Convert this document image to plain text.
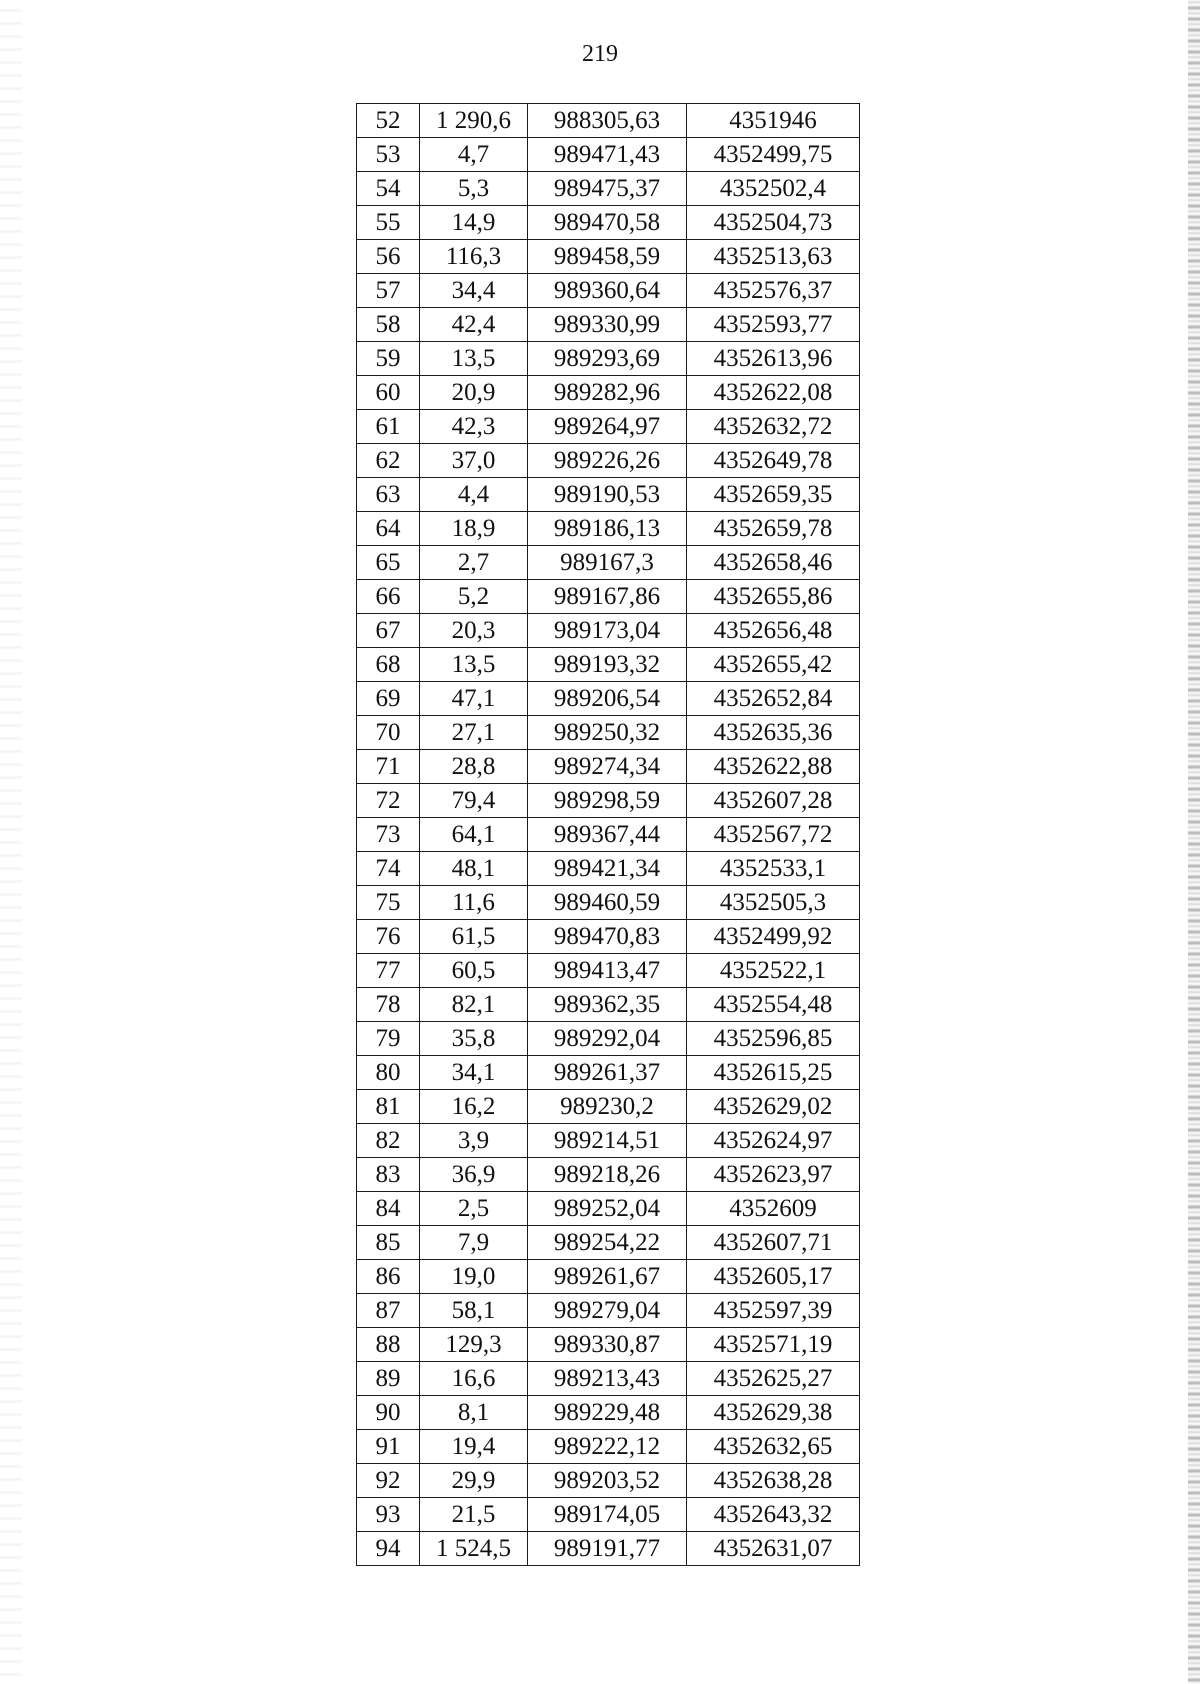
219
52	1 290,6	988305,63	4351946
53	4,7	989471,43	4352499,75
54	5,3	989475,37	4352502,4
55	14,9	989470,58	4352504,73
56	116,3	989458,59	4352513,63
57	34,4	989360,64	4352576,37
58	42,4	989330,99	4352593,77
59	13,5	989293,69	4352613,96
60	20,9	989282,96	4352622,08
61	42,3	989264,97	4352632,72
62	37,0	989226,26	4352649,78
63	4,4	989190,53	4352659,35
64	18,9	989186,13	4352659,78
65	2,7	989167,3	4352658,46
66	5,2	989167,86	4352655,86
67	20,3	989173,04	4352656,48
68	13,5	989193,32	4352655,42
69	47,1	989206,54	4352652,84
70	27,1	989250,32	4352635,36
71	28,8	989274,34	4352622,88
72	79,4	989298,59	4352607,28
73	64,1	989367,44	4352567,72
74	48,1	989421,34	4352533,1
75	11,6	989460,59	4352505,3
76	61,5	989470,83	4352499,92
77	60,5	989413,47	4352522,1
78	82,1	989362,35	4352554,48
79	35,8	989292,04	4352596,85
80	34,1	989261,37	4352615,25
81	16,2	989230,2	4352629,02
82	3,9	989214,51	4352624,97
83	36,9	989218,26	4352623,97
84	2,5	989252,04	4352609
85	7,9	989254,22	4352607,71
86	19,0	989261,67	4352605,17
87	58,1	989279,04	4352597,39
88	129,3	989330,87	4352571,19
89	16,6	989213,43	4352625,27
90	8,1	989229,48	4352629,38
91	19,4	989222,12	4352632,65
92	29,9	989203,52	4352638,28
93	21,5	989174,05	4352643,32
94	1 524,5	989191,77	4352631,07
